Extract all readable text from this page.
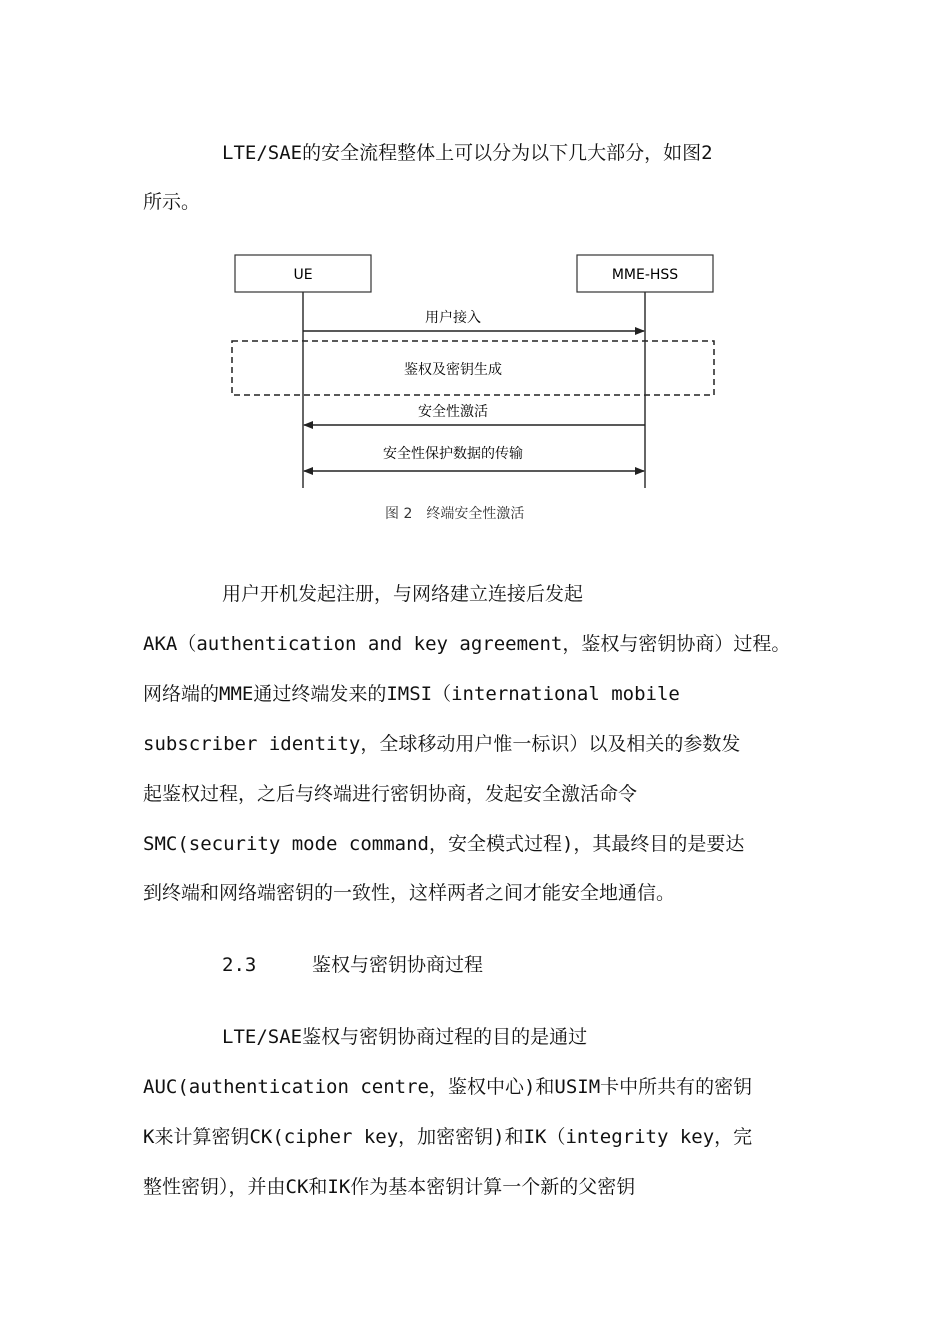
LTE/SAE的安全流程整体上可以分为以下几大部分，如图2
所示。
UE	MME-HSS
用户接入
鉴权及密钥生成
安全性激活
安全性保护数据的传输
图 2　终端安全性激活
用户开机发起注册，与网络建立连接后发起
AKA（authentication and key agreement，鉴权与密钥协商）过程。
网络端的MME通过终端发来的IMSI（international mobile
subscriber identity，全球移动用户惟一标识）以及相关的参数发
起鉴权过程，之后与终端进行密钥协商，发起安全激活命令
SMC(security mode command，安全模式过程)，其最终目的是要达
到终端和网络端密钥的一致性，这样两者之间才能安全地通信。
2.3	鉴权与密钥协商过程
LTE/SAE鉴权与密钥协商过程的目的是通过
AUC(authentication centre，鉴权中心)和USIM卡中所共有的密钥
K来计算密钥CK(cipher key，加密密钥)和IK（integrity key，完
整性密钥），并由CK和IK作为基本密钥计算一个新的父密钥
